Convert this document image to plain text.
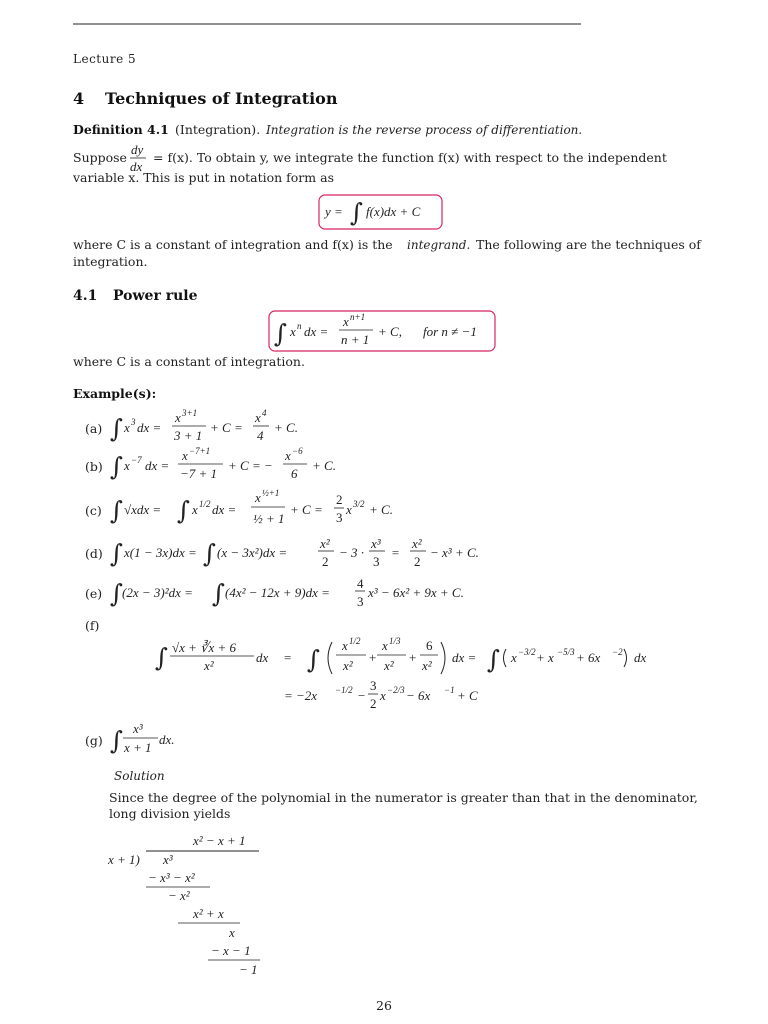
Lecture 5
4 Techniques of Integration
Definition 4.1 (Integration). Integration is the reverse process of differentiation.
Suppose
dy
dx
= f(x). To obtain y, we integrate the function f(x) with respect to the independent
variable x. This is put in notation form as
y = ∫ f(x)dx + C
where C is a constant of integration and f(x) is the integrand. The following are the techniques of
integration.
4.1 Power rule
∫ x n dx =
x n+1
n + 1
+ C, for n ≠ −1
where C is a constant of integration.
Example(s):
(a) ∫ x 3 dx =
x 3+1
3 + 1
+ C =
x 4
4
+ C.
(b) ∫ x −7 dx =
x −7+1
−7 + 1
+ C = −
x −6
6
+ C.
(c) ∫ √xdx = ∫ x 1/2 dx =
x ½+1
½ + 1
+ C =
2
3
x 3/2 + C.
(d) ∫ x(1 − 3x)dx = ∫ (x − 3x²)dx =
x²
2
− 3 ·
x³
3
=
x²
2
− x³ + C.
(e) ∫
(2x − 3)²dx = ∫ (4x² − 12x + 9)dx =
4
3
x³ − 6x² + 9x + C.
(f)
∫ √x + ∛x + 6
x²
dx = ∫ x 1/2
x²
+
x 1/3
x²
+
6
x²
dx = ∫ x −3/2 + x −5/3 + 6x −2 dx
= −2x −1/2 −
3
2
x −2/3 − 6x −1 + C
(g) ∫ x³
x + 1
dx.
Solution
Since the degree of the polynomial in the numerator is greater than that in the denominator,
long division yields
x² − x + 1
x + 1) x³
− x³ − x²
− x²
x² + x
x
− x − 1
− 1
26
